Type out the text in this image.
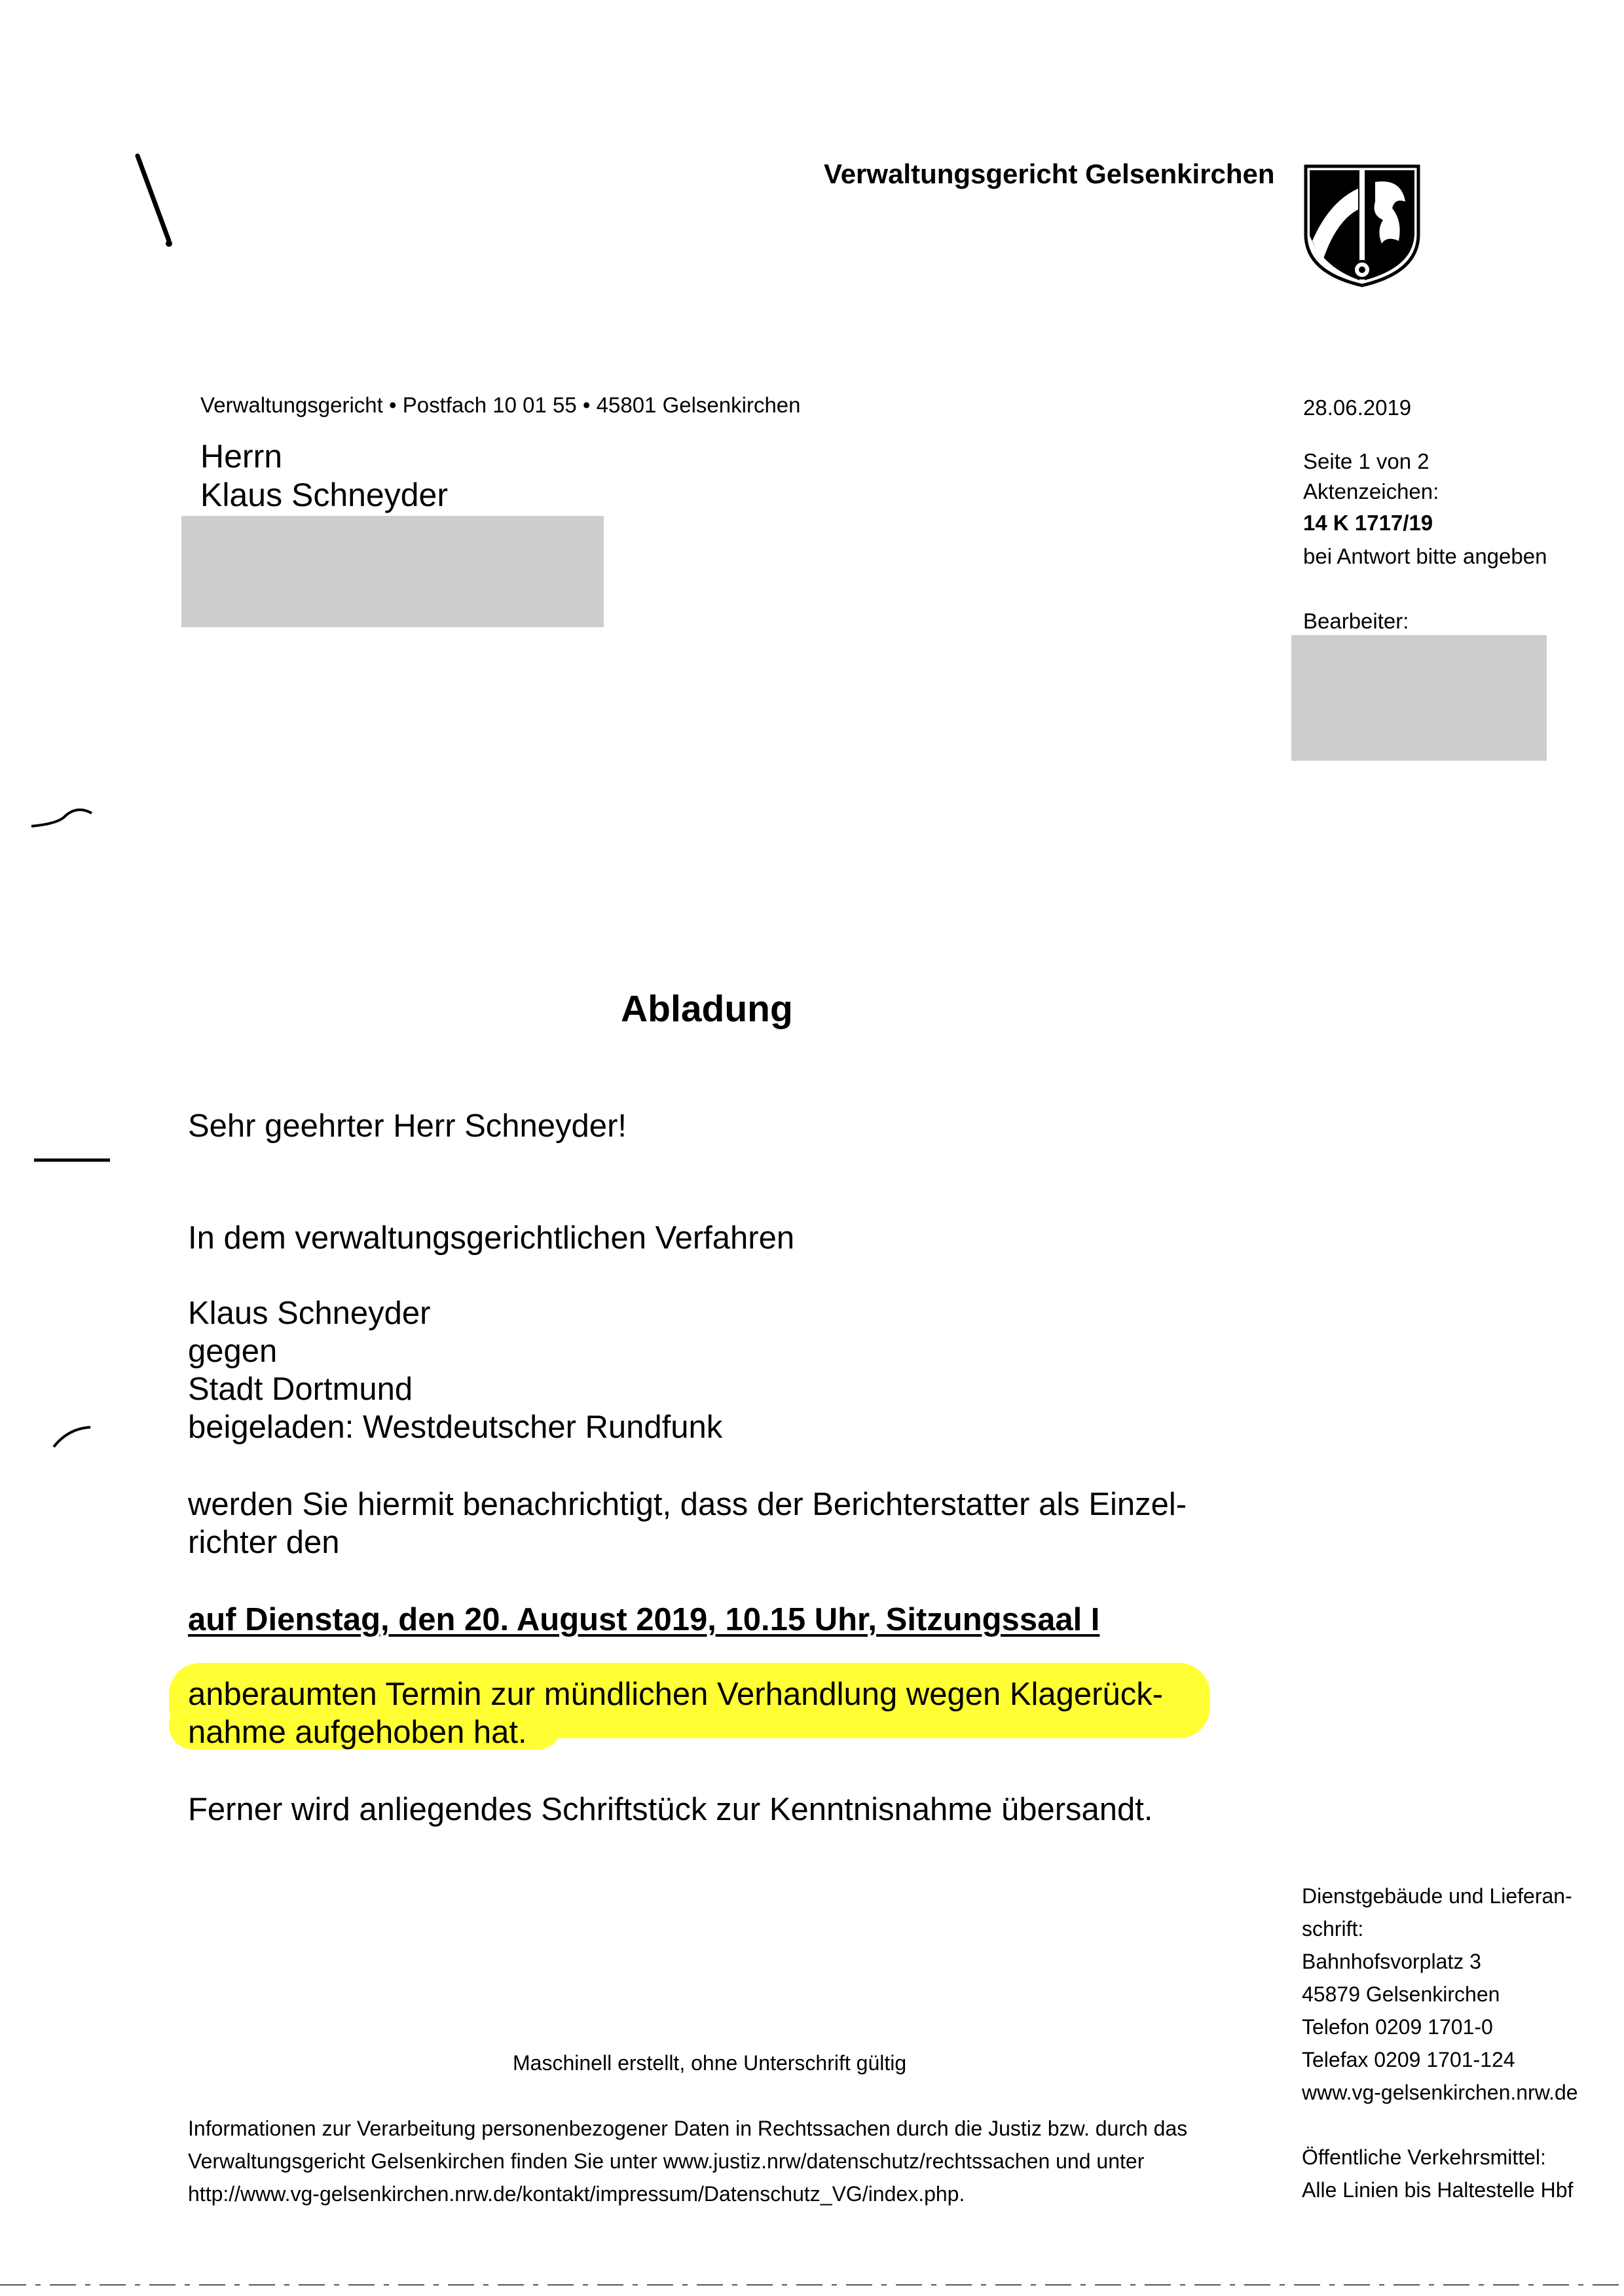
Verwaltungsgericht Gelsenkirchen
Verwaltungsgericht • Postfach 10 01 55 • 45801 Gelsenkirchen
Herrn
Klaus Schneyder
28.06.2019
Seite 1 von 2
Aktenzeichen:
14 K 1717/19
bei Antwort bitte angeben
Bearbeiter:
Abladung
Sehr geehrter Herr Schneyder!
In dem verwaltungsgerichtlichen Verfahren
Klaus Schneyder
gegen
Stadt Dortmund
beigeladen: Westdeutscher Rundfunk
werden Sie hiermit benachrichtigt, dass der Berichterstatter als Einzel-
richter den
auf Dienstag, den 20. August 2019, 10.15 Uhr, Sitzungssaal I
anberaumten Termin zur mündlichen Verhandlung wegen Klagerück-
nahme aufgehoben hat.
Ferner wird anliegendes Schriftstück zur Kenntnisnahme übersandt.
Dienstgebäude und Lieferan-
schrift:
Bahnhofsvorplatz 3
45879 Gelsenkirchen
Telefon 0209 1701-0
Telefax 0209 1701-124
www.vg-gelsenkirchen.nrw.de
Öffentliche Verkehrsmittel:
Alle Linien bis Haltestelle Hbf
Maschinell erstellt, ohne Unterschrift gültig
Informationen zur Verarbeitung personenbezogener Daten in Rechtssachen durch die Justiz bzw. durch das
Verwaltungsgericht Gelsenkirchen finden Sie unter www.justiz.nrw/datenschutz/rechtssachen und unter
http://www.vg-gelsenkirchen.nrw.de/kontakt/impressum/Datenschutz_VG/index.php.
